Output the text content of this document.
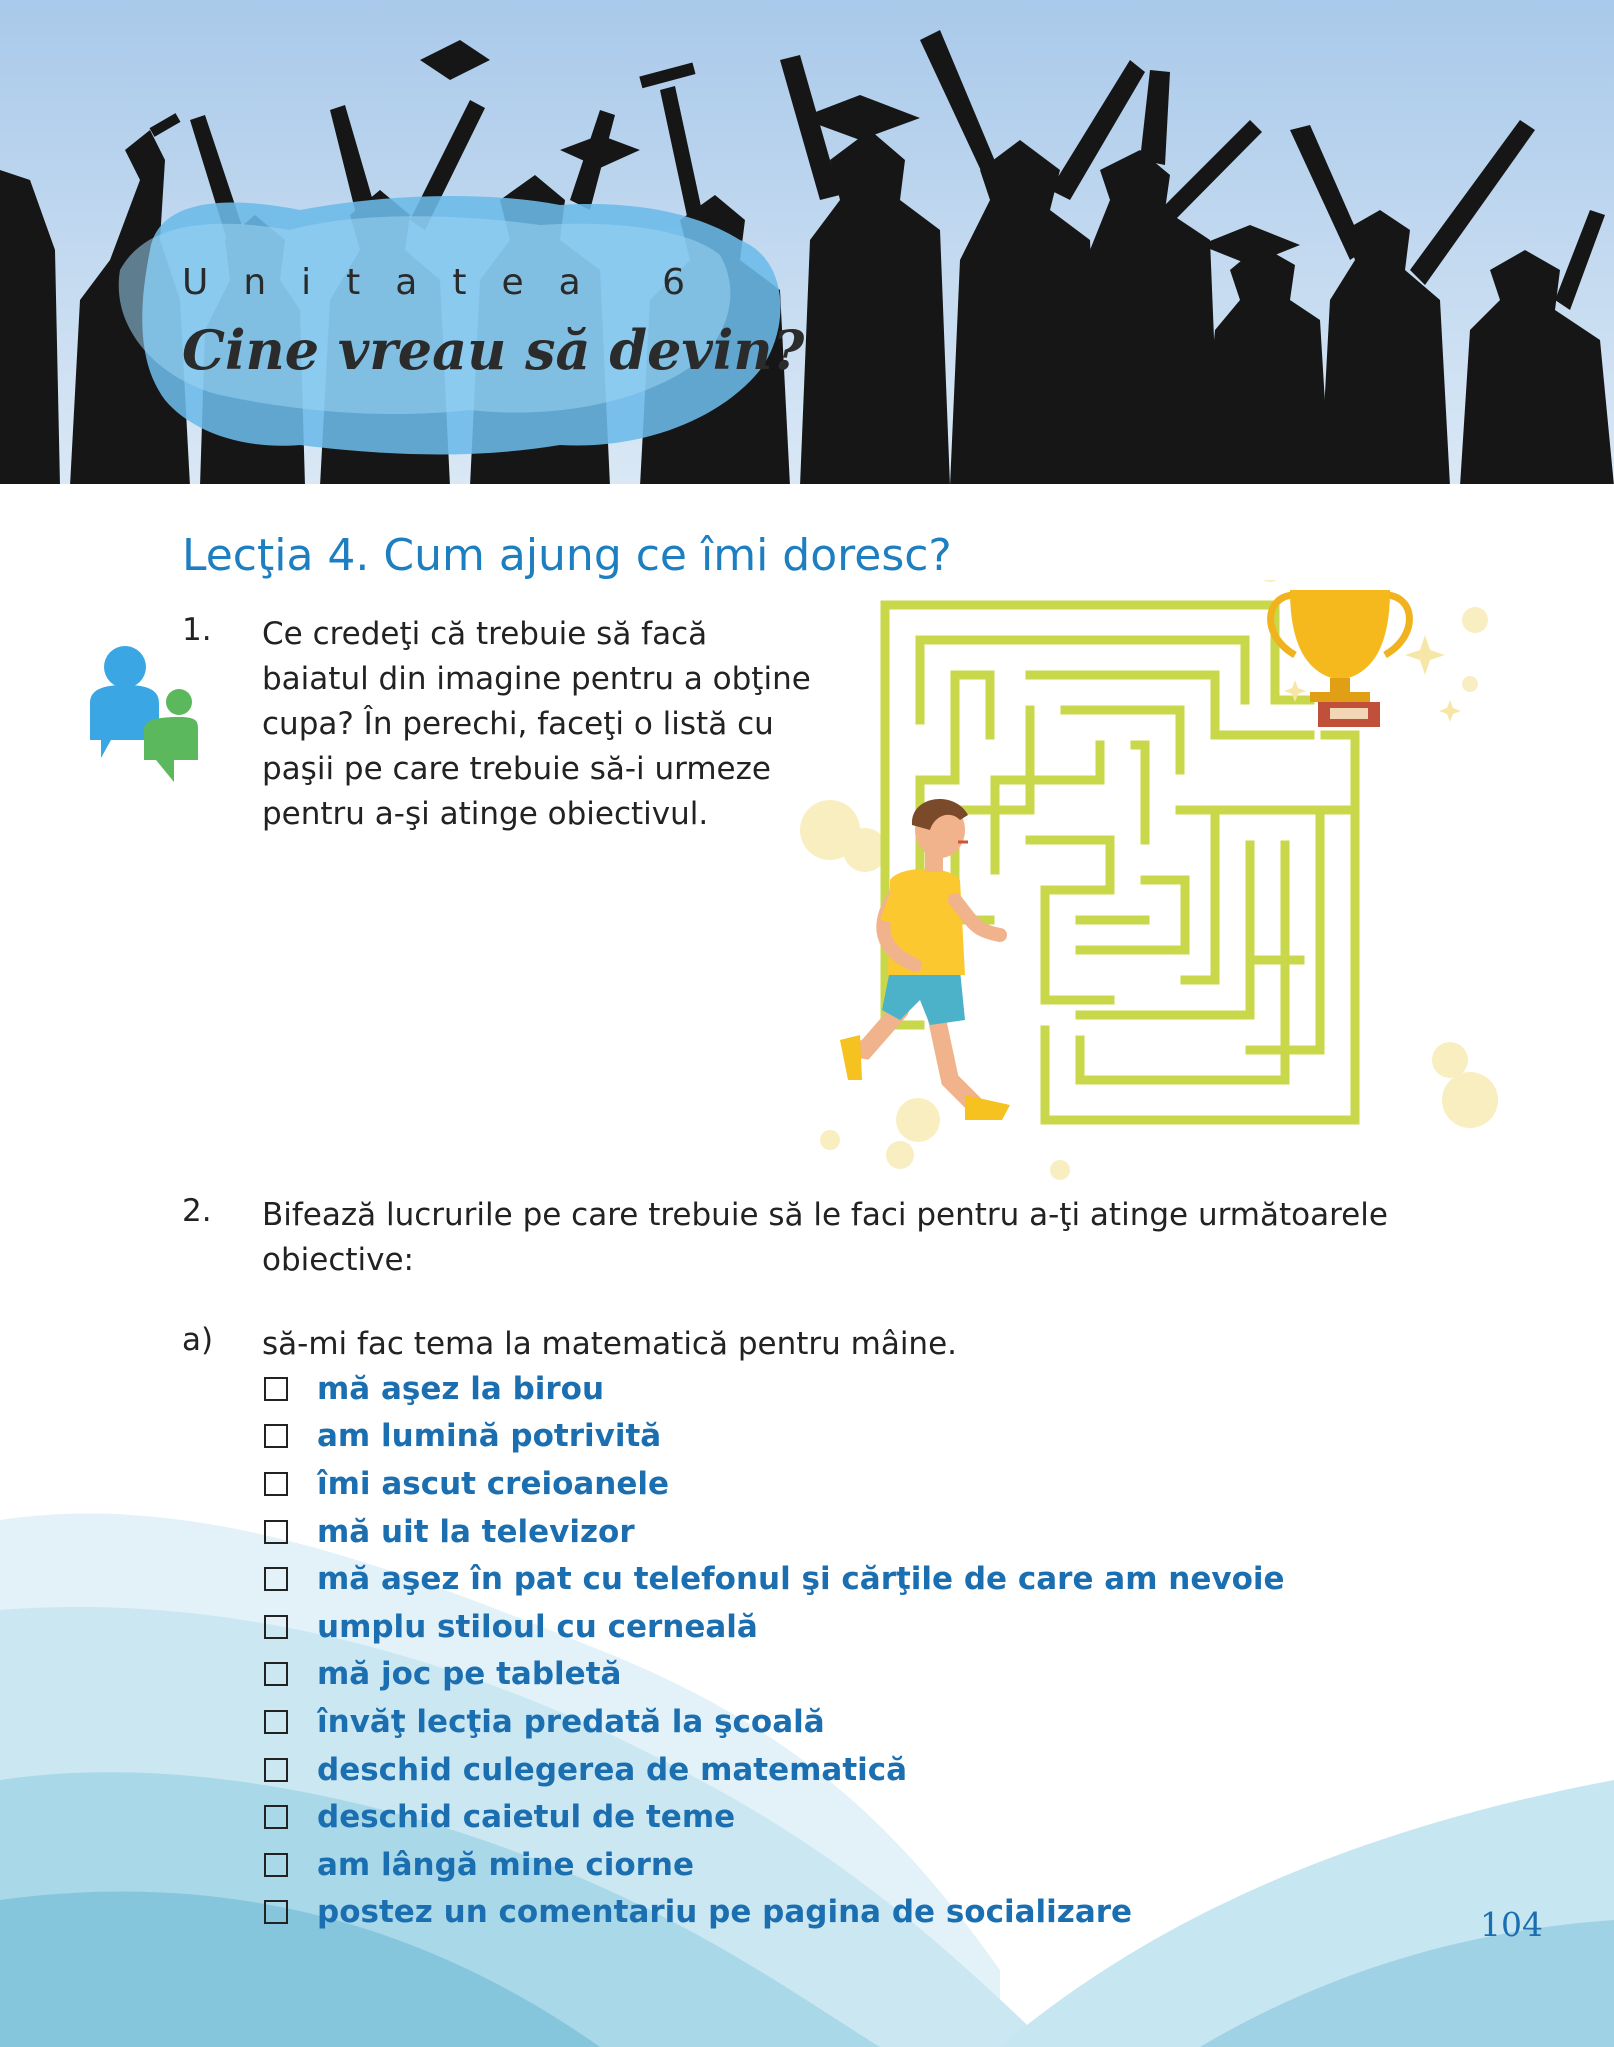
Unitatea 6
Cine vreau să devin?
Lecţia 4. Cum ajung ce îmi doresc?
1. Ce credeţi că trebuie să facă baiatul din imagine pentru a obţine cupa? În perechi, faceţi o listă cu paşii pe care trebuie să-i urmeze pentru a-şi atinge obiectivul.
2. Bifează lucrurile pe care trebuie să le faci pentru a-ţi atinge următoarele obiective:
a) să-mi fac tema la matematică pentru mâine.
mă aşez la birou
am lumină potrivită
îmi ascut creioanele
mă uit la televizor
mă aşez în pat cu telefonul şi cărţile de care am nevoie
umplu stiloul cu cerneală
mă joc pe tabletă
învăţ lecţia predată la şcoală
deschid culegerea de matematică
deschid caietul de teme
am lângă mine ciorne
postez un comentariu pe pagina de socializare	104
